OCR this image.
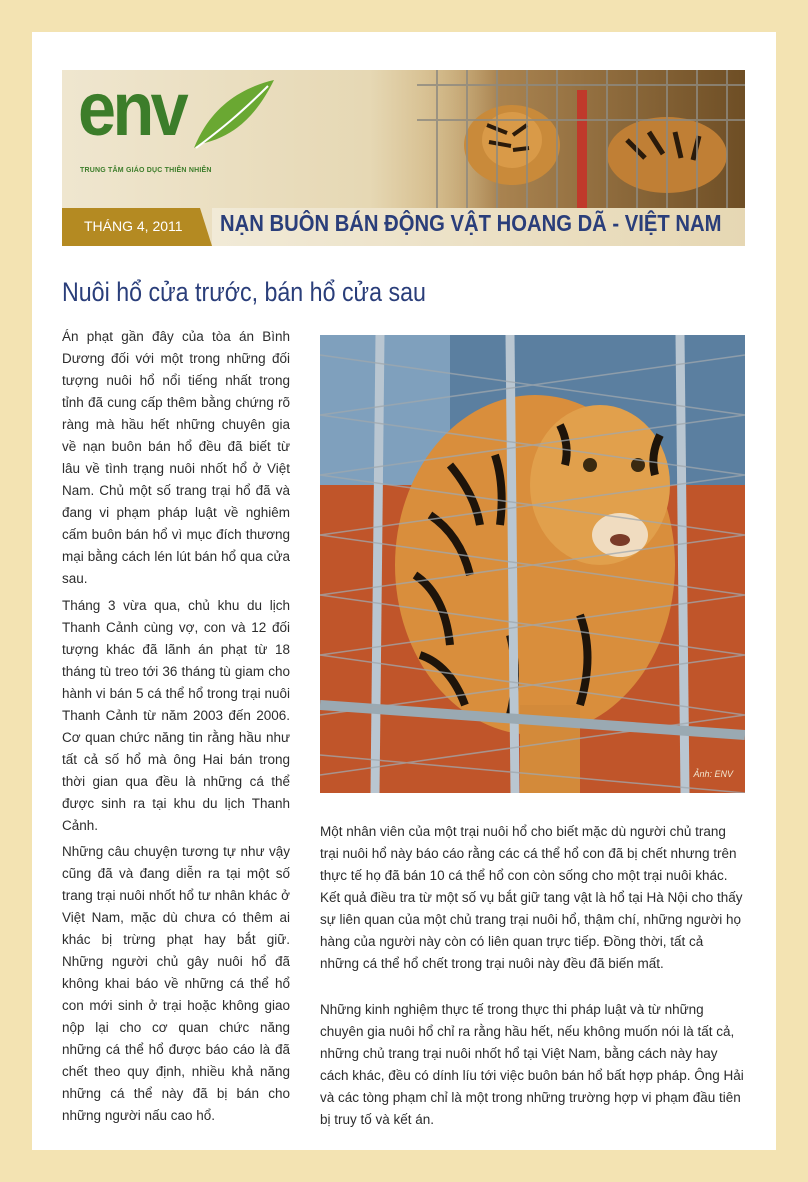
env
TRUNG TÂM GIÁO DỤC THIÊN NHIÊN
THÁNG 4, 2011 NẠN BUÔN BÁN ĐỘNG VẬT HOANG DÃ - VIỆT NAM
Nuôi hổ cửa trước, bán hổ cửa sau

Án phạt gần đây của tòa án Bình Dương đối với một trong những đối tượng nuôi hổ nổi tiếng nhất trong tỉnh đã cung cấp thêm bằng chứng rõ ràng mà hầu hết những chuyên gia về nạn buôn bán hổ đều đã biết từ lâu về tình trạng nuôi nhốt hổ ở Việt Nam. Chủ một số trang trại hổ đã và đang vi phạm pháp luật về nghiêm cấm buôn bán hổ vì mục đích thương mại bằng cách lén lút bán hổ qua cửa sau.

Tháng 3 vừa qua, chủ khu du lịch Thanh Cảnh cùng vợ, con và 12 đối tượng khác đã lãnh án phạt từ 18 tháng tù treo tới 36 tháng tù giam cho hành vi bán 5 cá thể hổ trong trại nuôi Thanh Cảnh từ năm 2003 đến 2006. Cơ quan chức năng tin rằng hầu như tất cả số hổ mà ông Hai bán trong thời gian qua đều là những cá thể được sinh ra tại khu du lịch Thanh Cảnh.

Những câu chuyện tương tự như vậy cũng đã và đang diễn ra tại một số trang trại nuôi nhốt hổ tư nhân khác ở Việt Nam, mặc dù chưa có thêm ai khác bị trừng phạt hay bắt giữ. Những người chủ gây nuôi hổ đã không khai báo về những cá thể hổ con mới sinh ở trại hoặc không giao nộp lại cho cơ quan chức năng những cá thể hổ được báo cáo là đã chết theo quy định, nhiều khả năng những cá thể này đã bị bán cho những người nấu cao hổ.

Ảnh: ENV

Một nhân viên của một trại nuôi hổ cho biết mặc dù người chủ trang trại nuôi hổ này báo cáo rằng các cá thể hổ con đã bị chết nhưng trên thực tế họ đã bán 10 cá thể hổ con còn sống cho một trại nuôi khác. Kết quả điều tra từ một số vụ bắt giữ tang vật là hổ tại Hà Nội cho thấy sự liên quan của một chủ trang trại nuôi hổ, thậm chí, những người họ hàng của người này còn có liên quan trực tiếp. Đồng thời, tất cả những cá thể hổ chết trong trại nuôi này đều đã biến mất.

Những kinh nghiệm thực tế trong thực thi pháp luật và từ những chuyên gia nuôi hổ chỉ ra rằng hầu hết, nếu không muốn nói là tất cả, những chủ trang trại nuôi nhốt hổ tại Việt Nam, bằng cách này hay cách khác, đều có dính líu tới việc buôn bán hổ bất hợp pháp. Ông Hải và các tòng phạm chỉ là một trong những trường hợp vi phạm đầu tiên bị truy tố và kết án.
